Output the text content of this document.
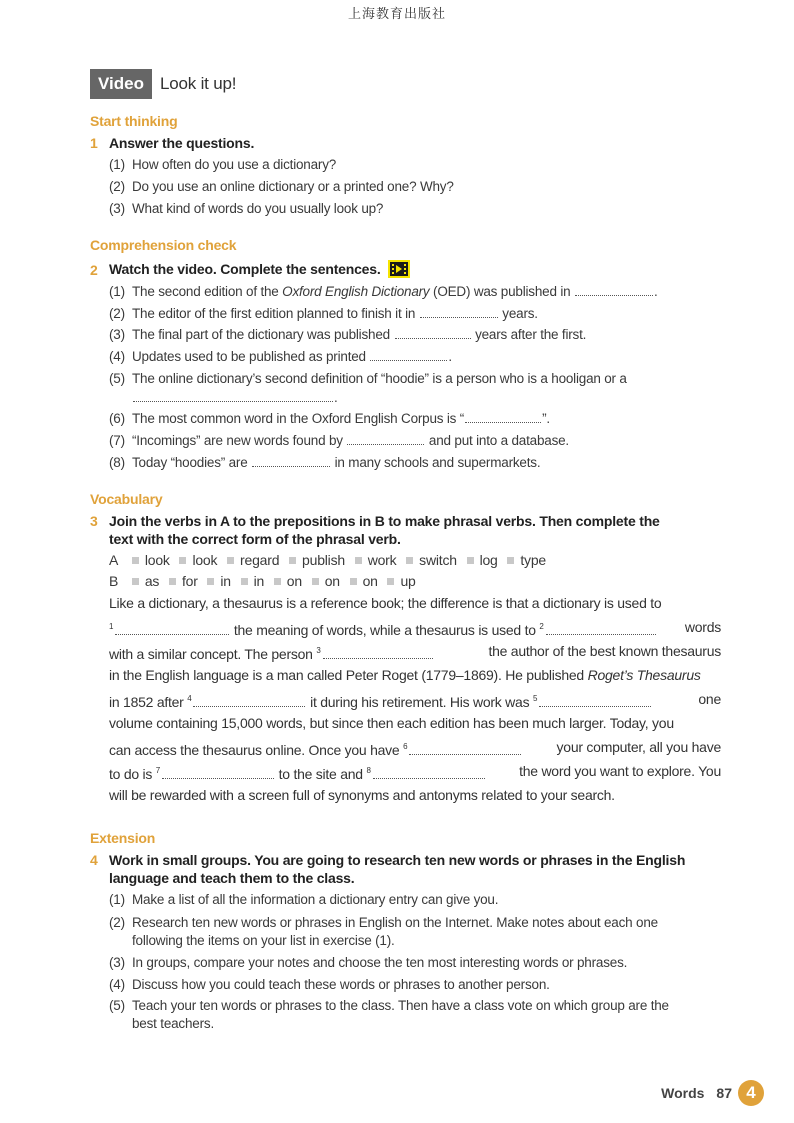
上海教育出版社
Video Look it up!
Start thinking
1 Answer the questions.
(1) How often do you use a dictionary?
(2) Do you use an online dictionary or a printed one? Why?
(3) What kind of words do you usually look up?
Comprehension check
2 Watch the video. Complete the sentences.
(1) The second edition of the Oxford English Dictionary (OED) was published in	.
(2) The editor of the first edition planned to finish it in	years.
(3) The final part of the dictionary was published	years after the first.
(4) Updates used to be published as printed	.
(5) The online dictionary’s second definition of “hoodie” is a person who is a hooligan or a
.
(6) The most common word in the Oxford English Corpus is “	”.
(7) “Incomings” are new words found by	and put into a database.
(8) Today “hoodies” are	in many schools and supermarkets.
Vocabulary
3 Join the verbs in A to the prepositions in B to make phrasal verbs. Then complete the
text with the correct form of the phrasal verb.
A look look regard publish work switch log type
B as for in in on on on up
Like a dictionary, a thesaurus is a reference book; the difference is that a dictionary is used to
$^1$	the meaning of words, while a thesaurus is used to $^2$	words
with a similar concept. The person $^3$	the author of the best known thesaurus
in the English language is a man called Peter Roget (1779–1869). He published Roget’s Thesaurus
in 1852 after $^4$	it during his retirement. His work was $^5$	one
volume containing 15,000 words, but since then each edition has been much larger. Today, you
can access the thesaurus online. Once you have $^6$	your computer, all you have
to do is $^7$	to the site and $^8$	the word you want to explore. You
will be rewarded with a screen full of synonyms and antonyms related to your search.
Extension
4 Work in small groups. You are going to research ten new words or phrases in the English
language and teach them to the class.
(1) Make a list of all the information a dictionary entry can give you.
(2) Research ten new words or phrases in English on the Internet. Make notes about each one
following the items on your list in exercise (1).
(3) In groups, compare your notes and choose the ten most interesting words or phrases.
(4) Discuss how you could teach these words or phrases to another person.
(5) Teach your ten words or phrases to the class. Then have a class vote on which group are the
best teachers.
Words 87 4
